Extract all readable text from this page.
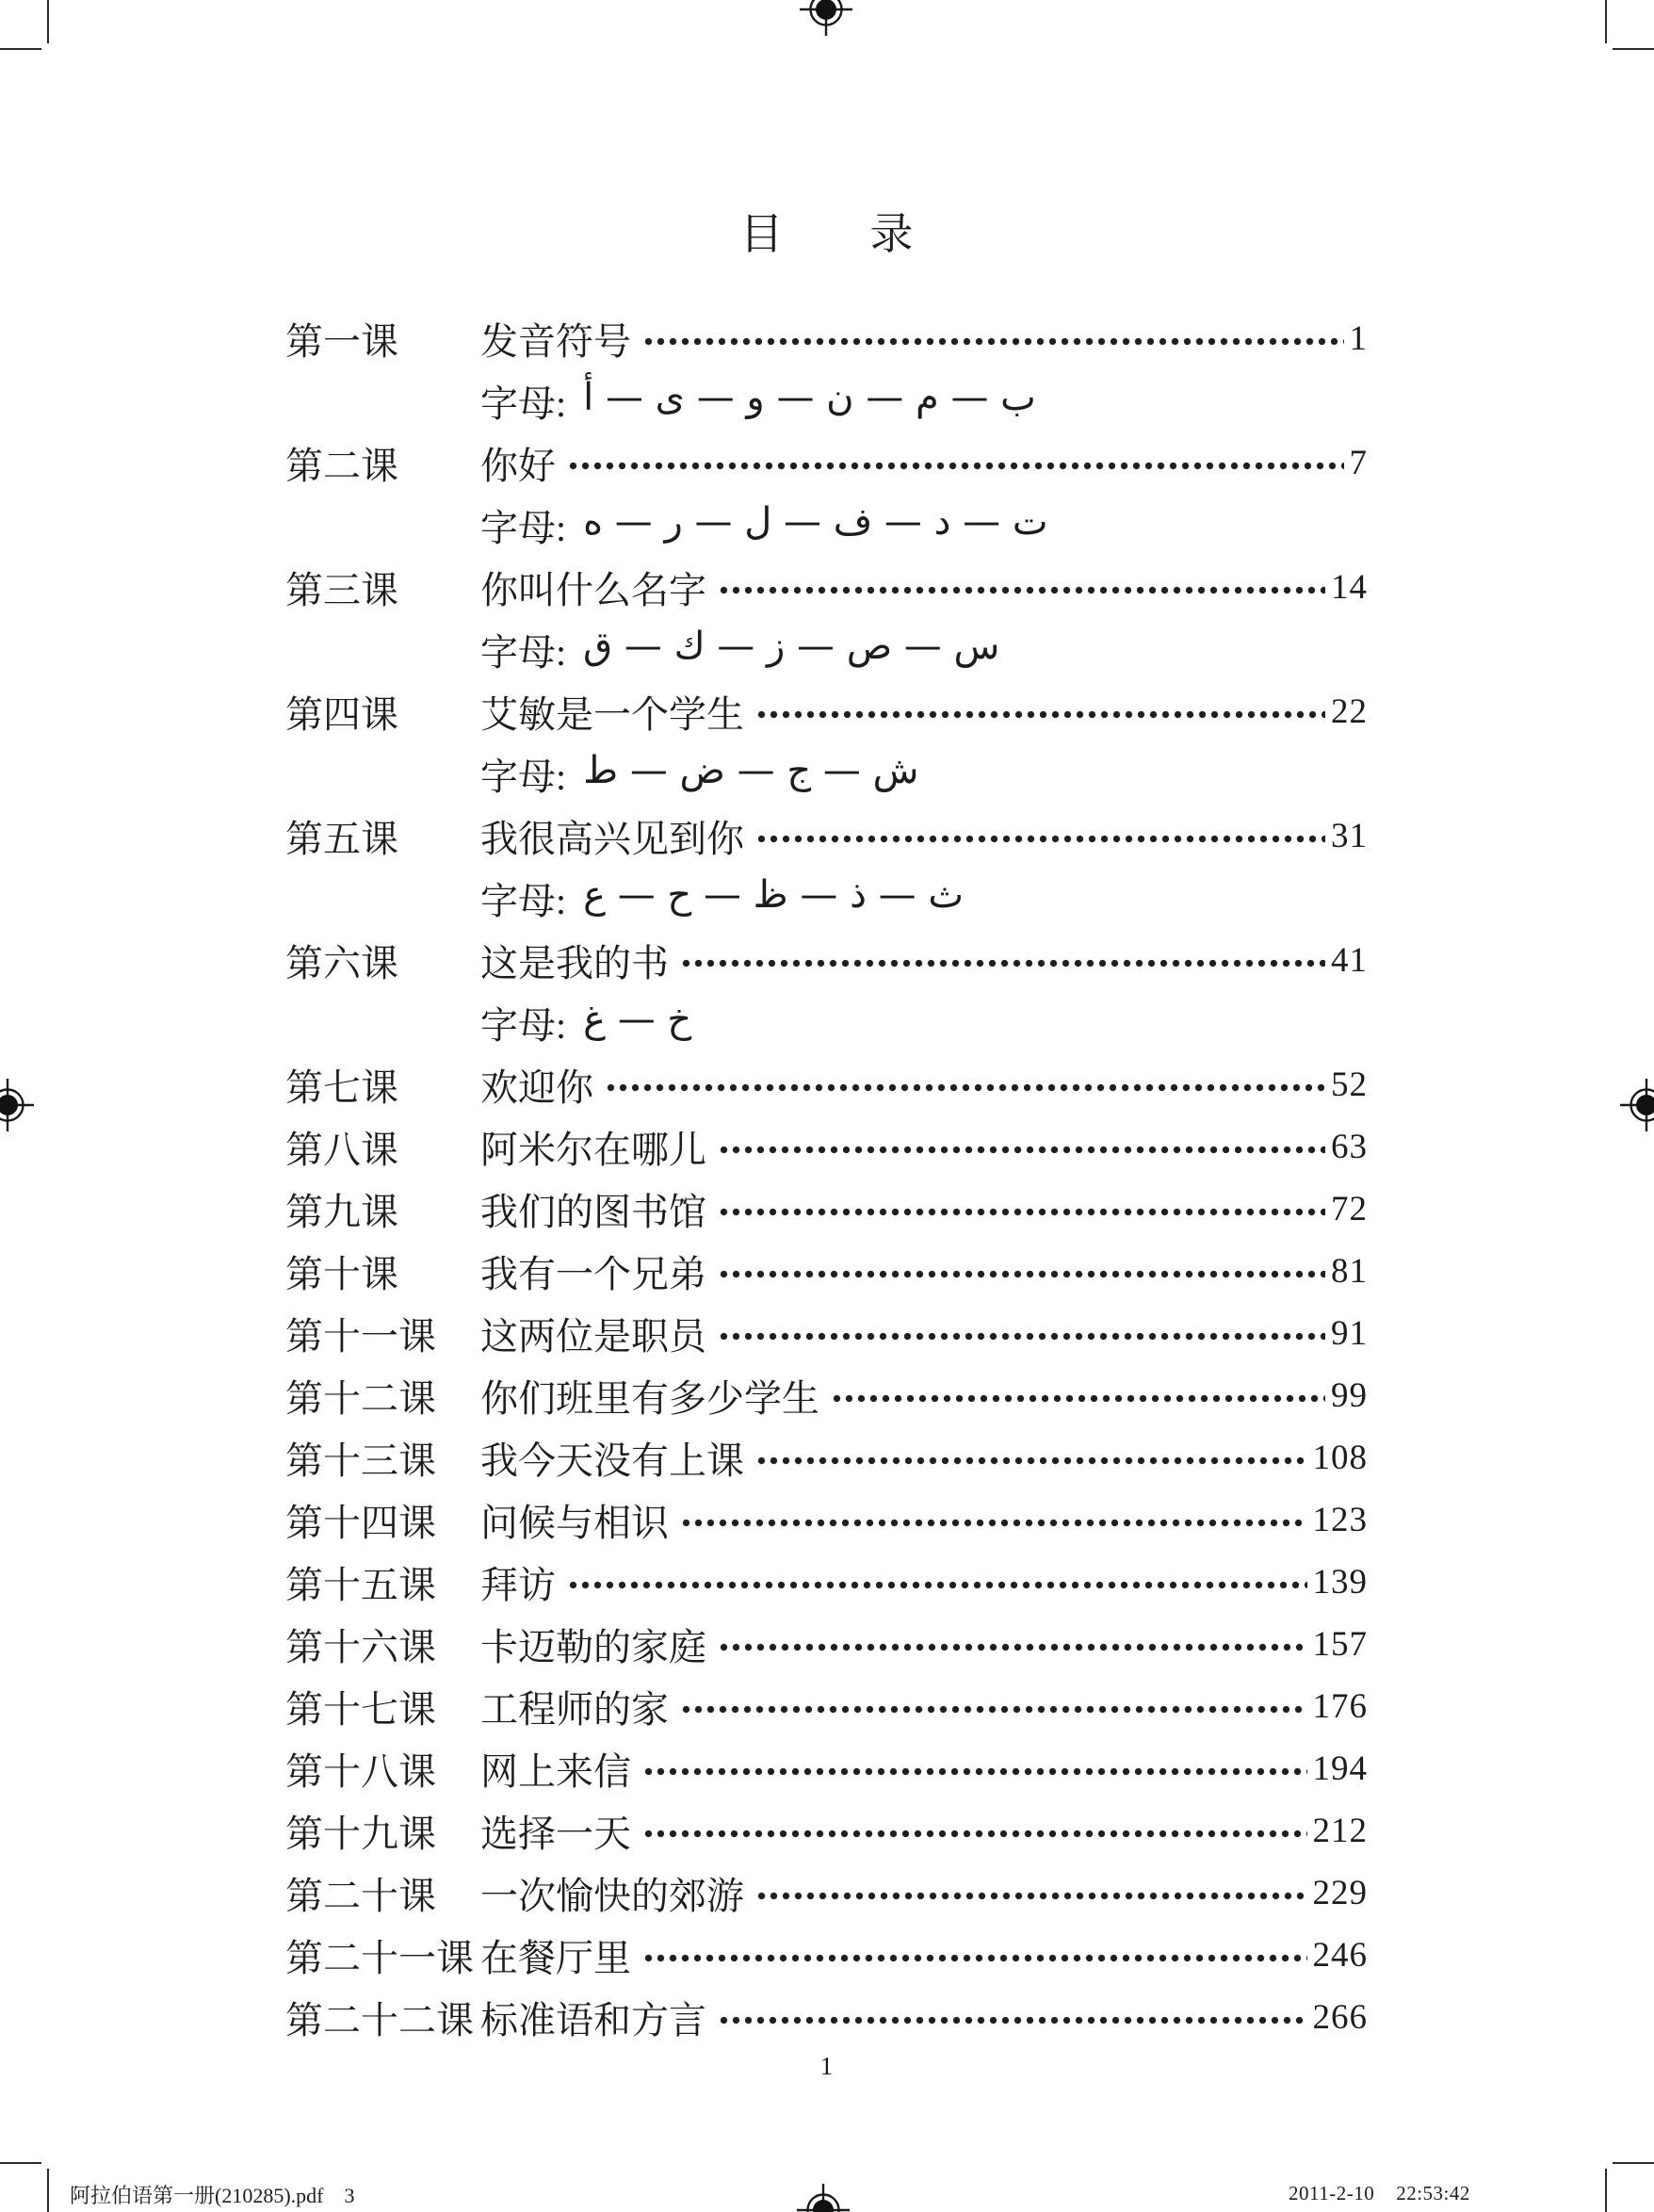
目　　录
第一课	发音符号	1
字母: أ — ى — و — ن — م — ب
第二课	你好	7
字母: ه — ر — ل — ف — د — ت
第三课	你叫什么名字	14
字母: ق — ك — ز — ص — س
第四课	艾敏是一个学生	22
字母: ط — ض — ج — ش
第五课	我很高兴见到你	31
字母: ع — ح — ظ — ذ — ث
第六课	这是我的书	41
字母: غ — خ
第七课	欢迎你	52
第八课	阿米尔在哪儿	63
第九课	我们的图书馆	72
第十课	我有一个兄弟	81
第十一课	这两位是职员	91
第十二课	你们班里有多少学生	99
第十三课	我今天没有上课	108
第十四课	问候与相识	123
第十五课	拜访	139
第十六课	卡迈勒的家庭	157
第十七课	工程师的家	176
第十八课	网上来信	194
第十九课	选择一天	212
第二十课	一次愉快的郊游	229
第二十一课 在餐厅里	246
第二十二课 标准语和方言	266
1
阿拉伯语第一册(210285).pdf    3	2011-2-10    22:53:42
